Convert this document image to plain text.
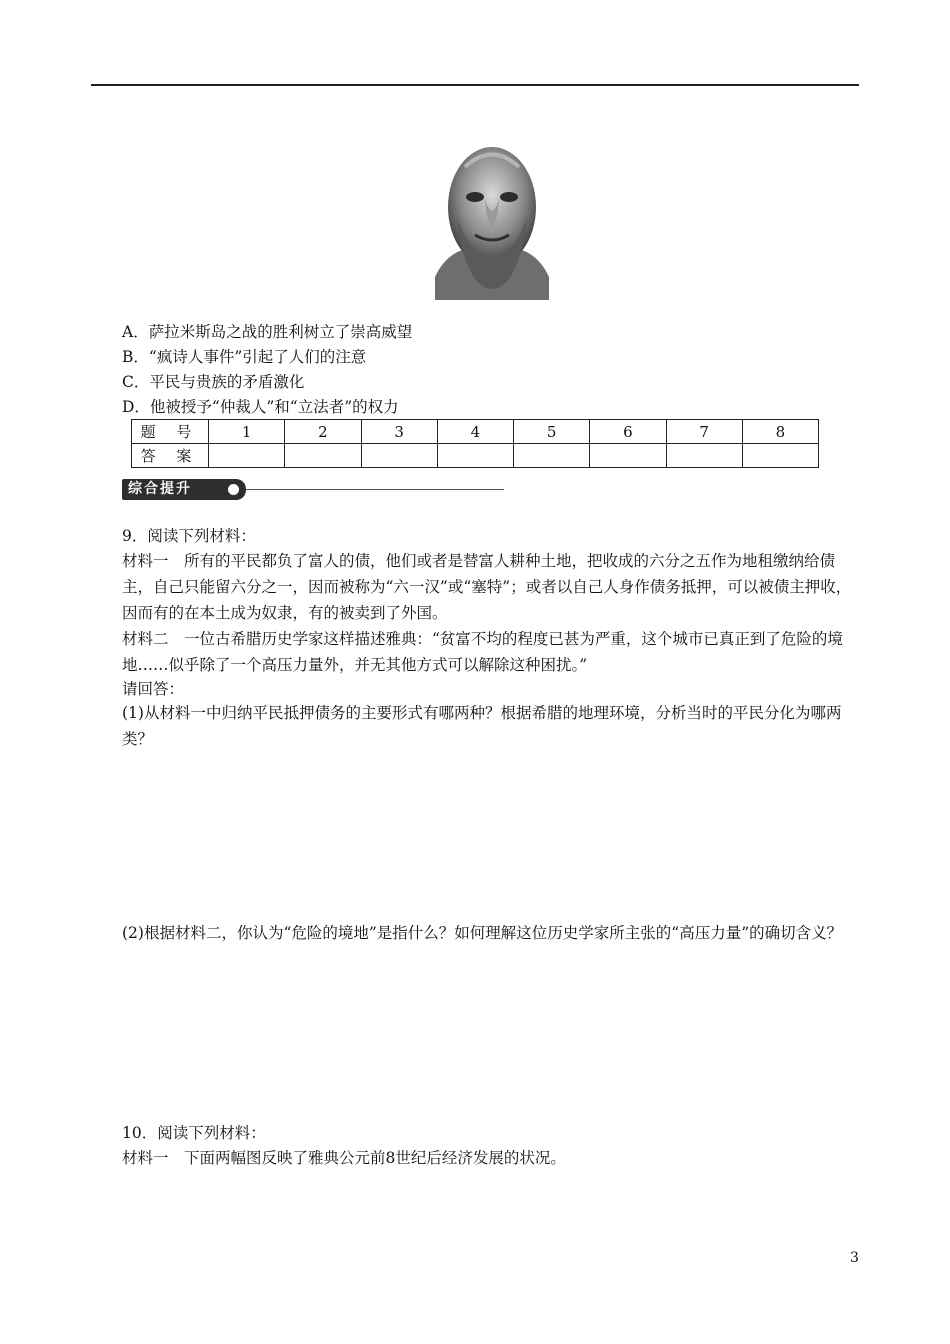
A．萨拉米斯岛之战的胜利树立了崇高威望
B．“疯诗人事件”引起了人们的注意
C．平民与贵族的矛盾激化
D．他被授予“仲裁人”和“立法者”的权力
题 号	1	2	3	4	5	6	7	8
答 案								
综合提升
9．阅读下列材料：
材料一　所有的平民都负了富人的债，他们或者是替富人耕种土地，把收成的六分之五作为地租缴纳给债主，自己只能留六分之一，因而被称为“六一汉”或“塞特”；或者以自己人身作债务抵押，可以被债主押收，因而有的在本土成为奴隶，有的被卖到了外国。
材料二　一位古希腊历史学家这样描述雅典：“贫富不均的程度已甚为严重，这个城市已真正到了危险的境地……似乎除了一个高压力量外，并无其他方式可以解除这种困扰。”
请回答：
(1)从材料一中归纳平民抵押债务的主要形式有哪两种？根据希腊的地理环境，分析当时的平民分化为哪两类？
(2)根据材料二，你认为“危险的境地”是指什么？如何理解这位历史学家所主张的“高压力量”的确切含义？
10．阅读下列材料：
材料一　下面两幅图反映了雅典公元前8世纪后经济发展的状况。
3
